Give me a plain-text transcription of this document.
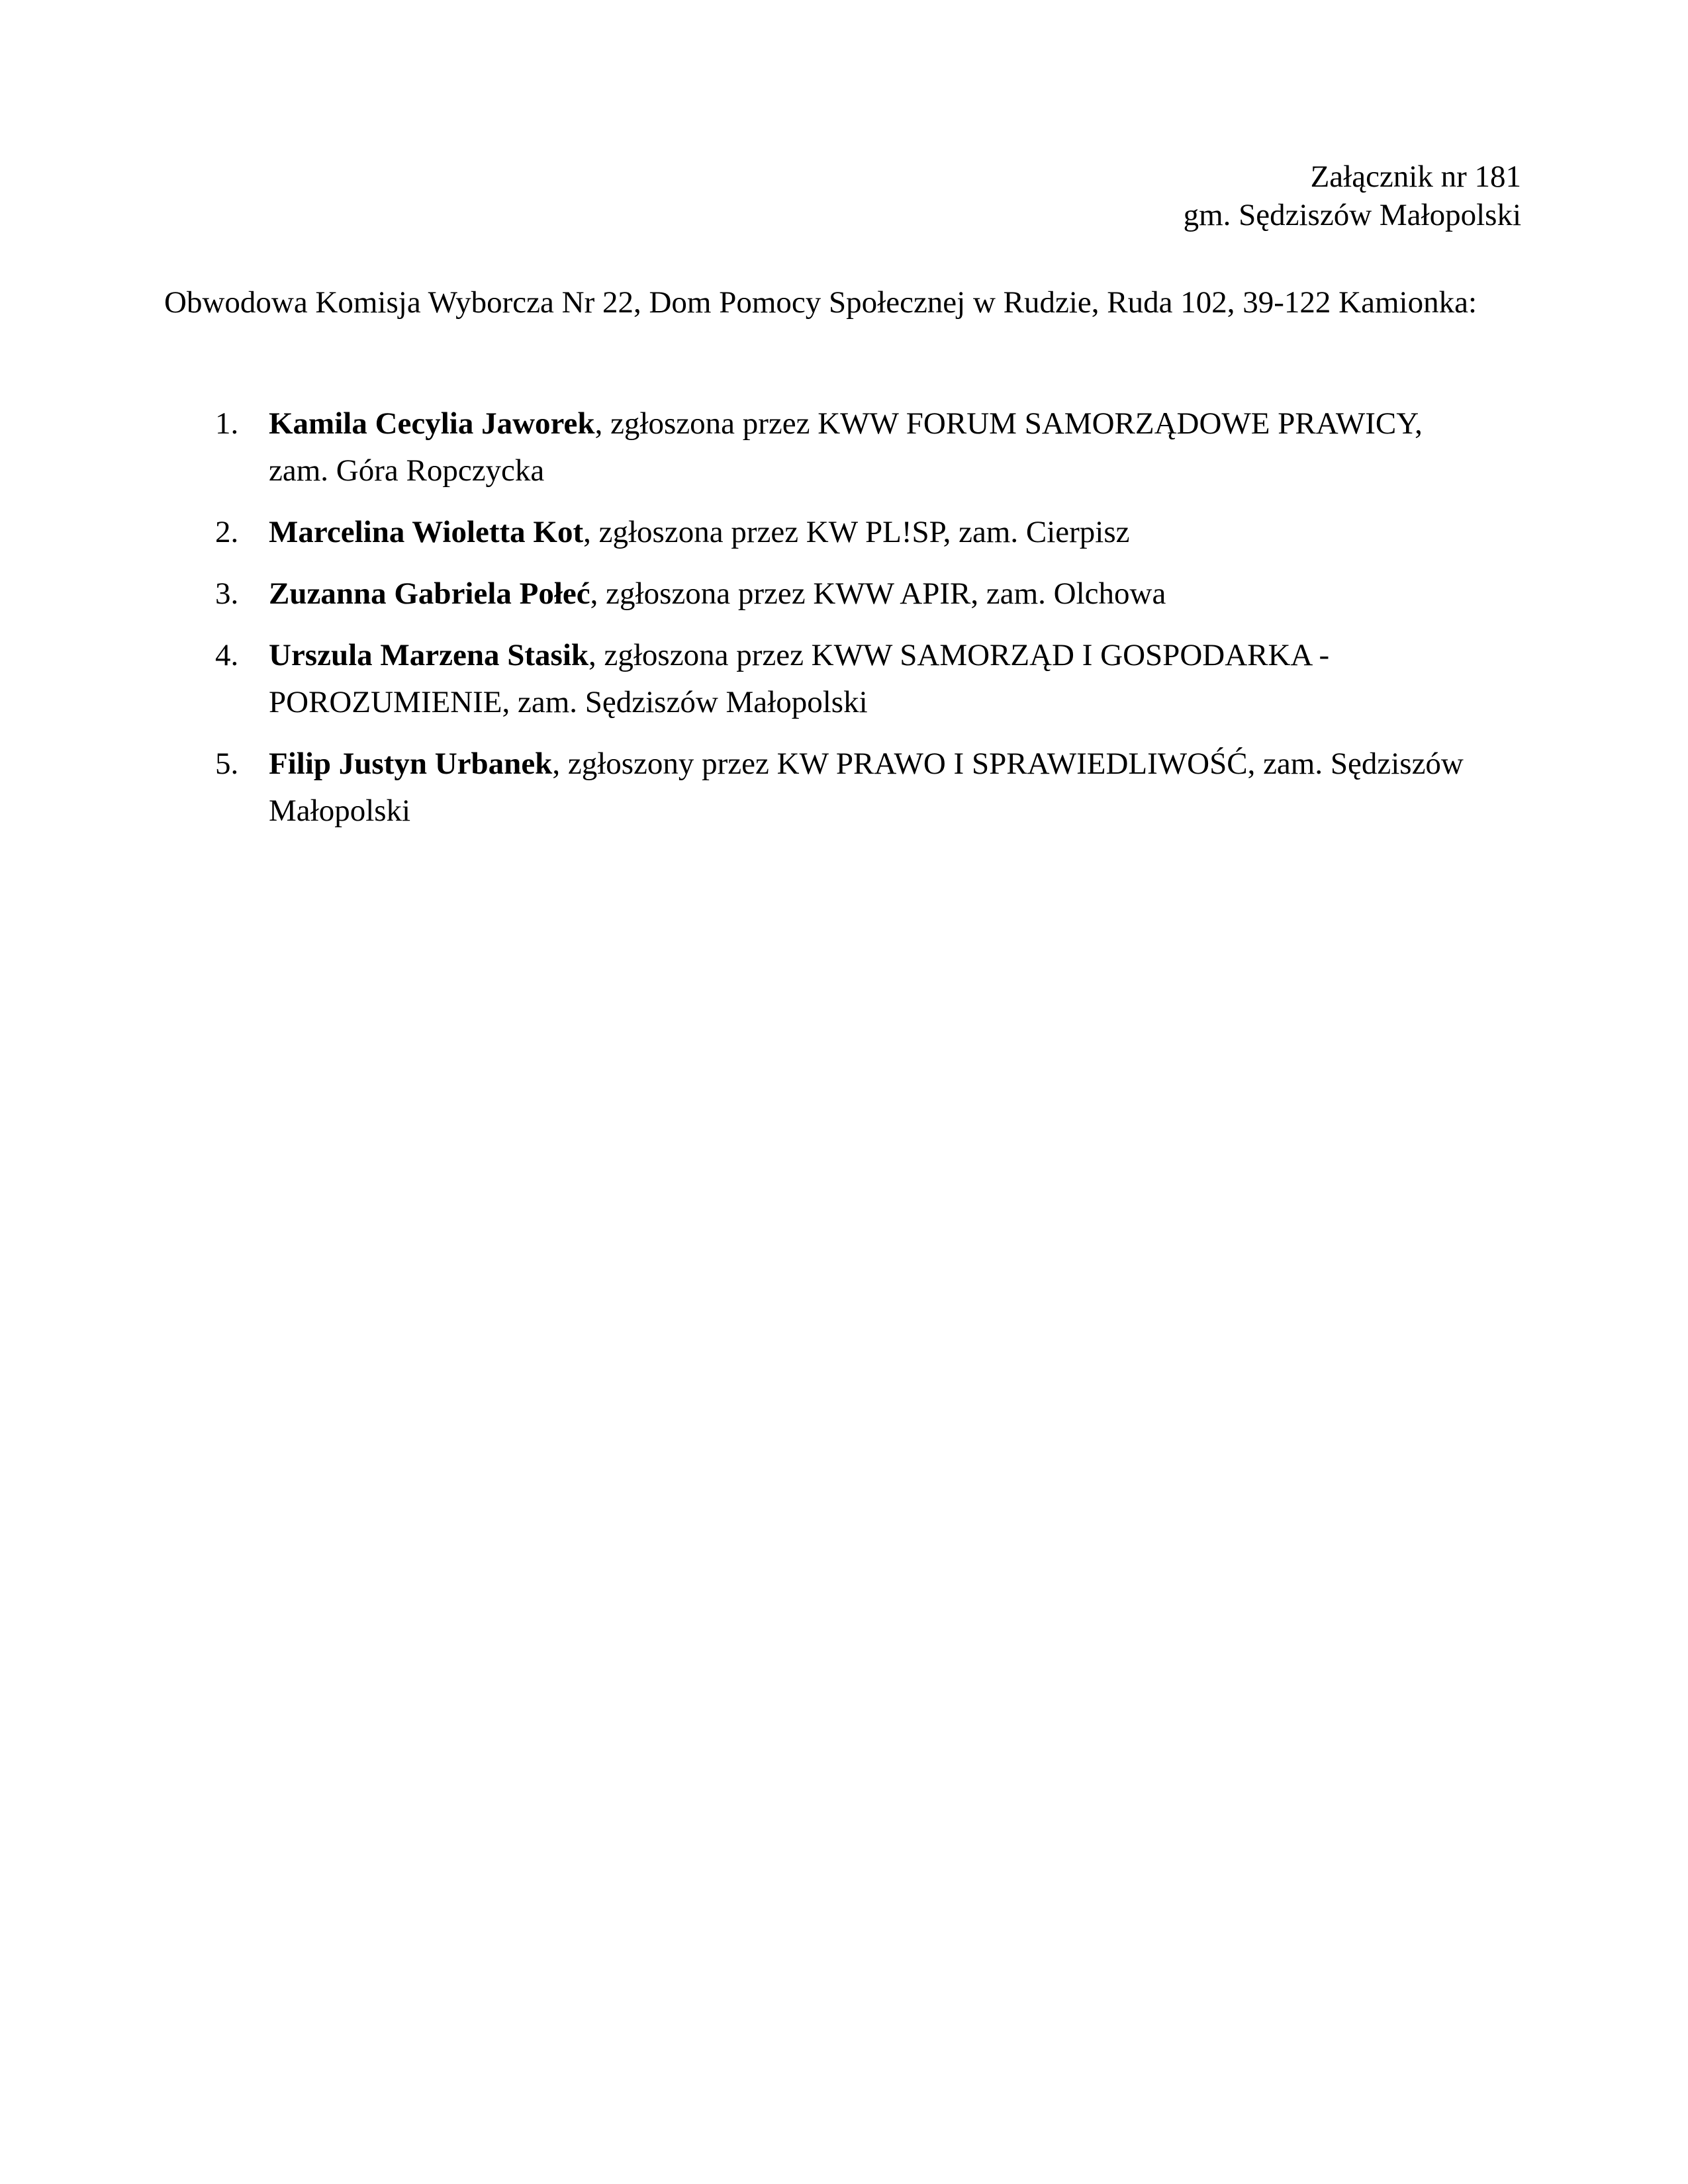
Załącznik nr 181
gm. Sędziszów Małopolski
Obwodowa Komisja Wyborcza Nr 22, Dom Pomocy Społecznej w Rudzie, Ruda 102, 39-122 Kamionka:
1. Kamila Cecylia Jaworek, zgłoszona przez KWW FORUM SAMORZĄDOWE PRAWICY,
zam. Góra Ropczycka
2. Marcelina Wioletta Kot, zgłoszona przez KW PL!SP, zam. Cierpisz
3. Zuzanna Gabriela Połeć, zgłoszona przez KWW APIR, zam. Olchowa
4. Urszula Marzena Stasik, zgłoszona przez KWW SAMORZĄD I GOSPODARKA -
POROZUMIENIE, zam. Sędziszów Małopolski
5. Filip Justyn Urbanek, zgłoszony przez KW PRAWO I SPRAWIEDLIWOŚĆ, zam. Sędziszów
Małopolski
